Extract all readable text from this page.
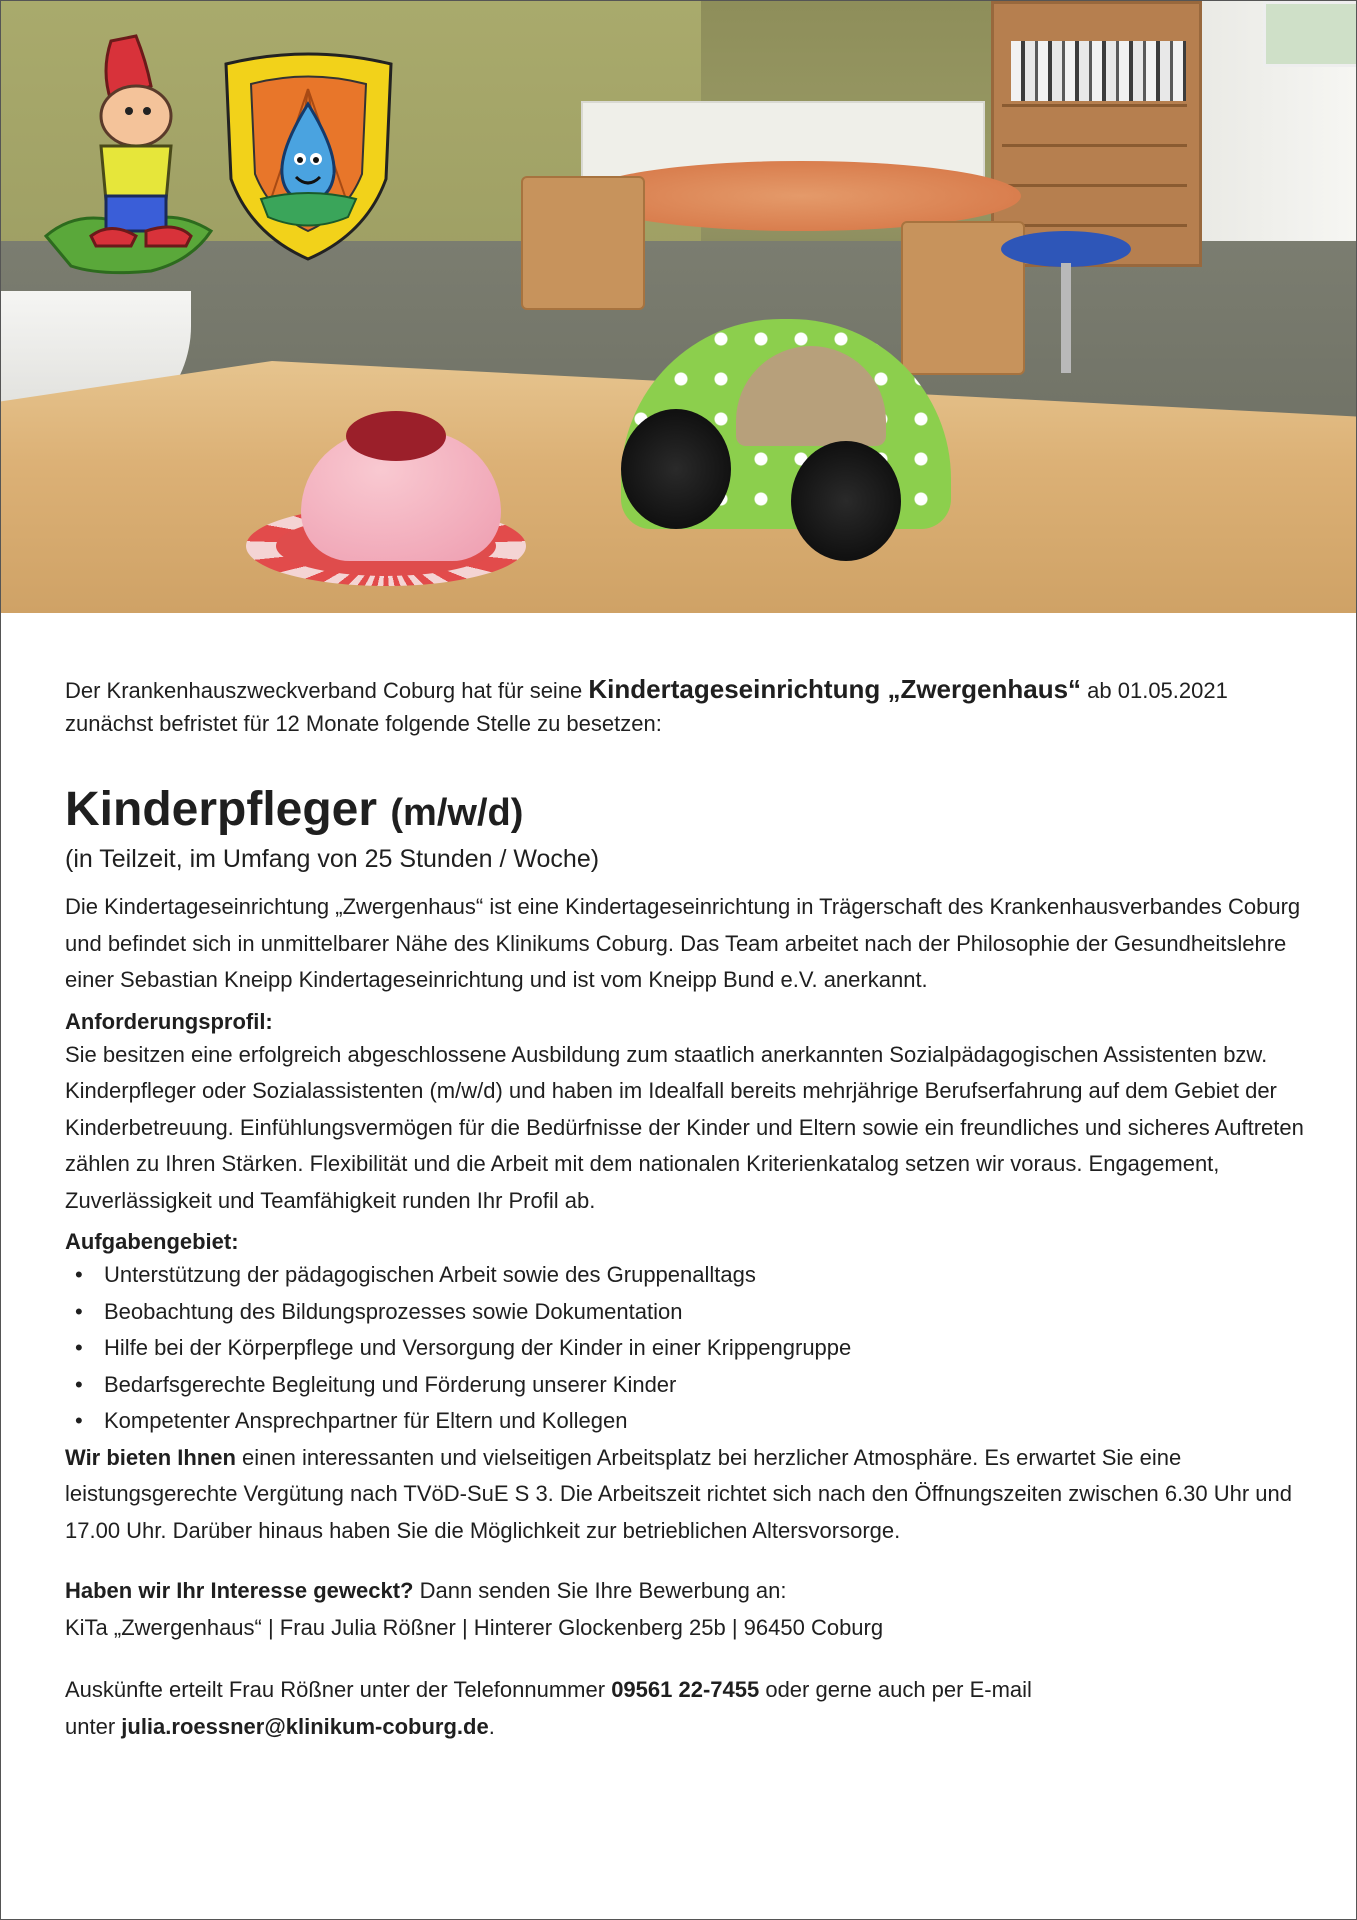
Der Krankenhauszweckverband Coburg hat für seine Kindertageseinrichtung „Zwergenhaus“ ab 01.05.2021 zunächst befristet für 12 Monate folgende Stelle zu besetzen:

Kinderpfleger (m/w/d)

(in Teilzeit, im Umfang von 25 Stunden / Woche)

Die Kindertageseinrichtung „Zwergenhaus“ ist eine Kindertageseinrichtung in Trägerschaft des Krankenhausverbandes Coburg und befindet sich in unmittelbarer Nähe des Klinikums Coburg. Das Team arbeitet nach der Philosophie der Gesundheitslehre einer Sebastian Kneipp Kindertageseinrichtung und ist vom Kneipp Bund e.V. anerkannt.

Anforderungsprofil:

Sie besitzen eine erfolgreich abgeschlossene Ausbildung zum staatlich anerkannten Sozialpädagogischen Assistenten bzw. Kinderpfleger oder Sozialassistenten (m/w/d) und haben im Idealfall bereits mehrjährige Berufserfahrung auf dem Gebiet der Kinderbetreuung. Einfühlungsvermögen für die Bedürfnisse der Kinder und Eltern sowie ein freundliches und sicheres Auftreten zählen zu Ihren Stärken. Flexibilität und die Arbeit mit dem nationalen Kriterienkatalog setzen wir voraus. Engagement, Zuverlässigkeit und Teamfähigkeit runden Ihr Profil ab.

Aufgabengebiet:
• Unterstützung der pädagogischen Arbeit sowie des Gruppenalltags
• Beobachtung des Bildungsprozesses sowie Dokumentation
• Hilfe bei der Körperpflege und Versorgung der Kinder in einer Krippengruppe
• Bedarfsgerechte Begleitung und Förderung unserer Kinder
• Kompetenter Ansprechpartner für Eltern und Kollegen

Wir bieten Ihnen einen interessanten und vielseitigen Arbeitsplatz bei herzlicher Atmosphäre. Es erwartet Sie eine leistungsgerechte Vergütung nach TVöD-SuE S 3. Die Arbeitszeit richtet sich nach den Öffnungszeiten zwischen 6.30 Uhr und 17.00 Uhr. Darüber hinaus haben Sie die Möglichkeit zur betrieblichen Altersvorsorge.

Haben wir Ihr Interesse geweckt? Dann senden Sie Ihre Bewerbung an:
KiTa „Zwergenhaus“ | Frau Julia Rößner | Hinterer Glockenberg 25b | 96450 Coburg

Auskünfte erteilt Frau Rößner unter der Telefonnummer 09561 22-7455 oder gerne auch per E-mail
unter julia.roessner@klinikum-coburg.de.
